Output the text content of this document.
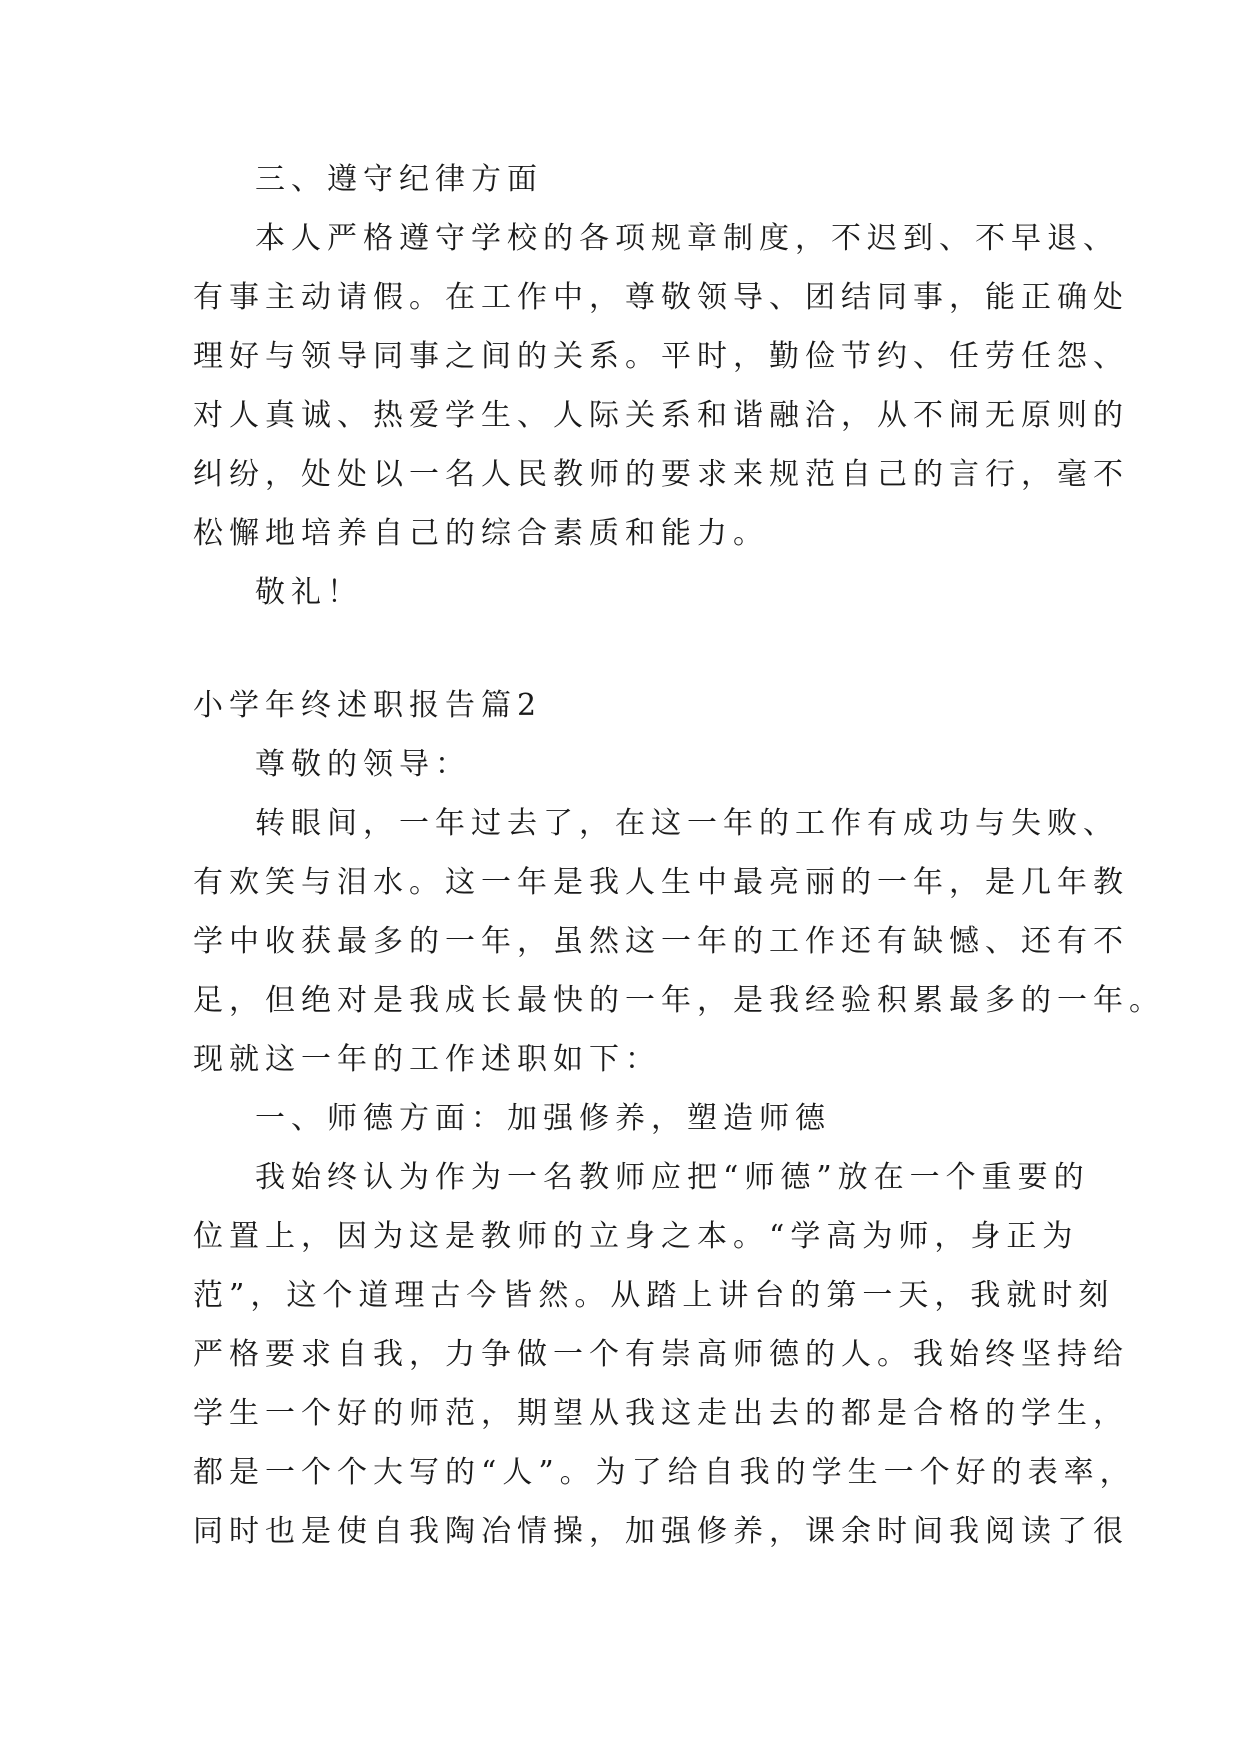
三、遵守纪律方面
本人严格遵守学校的各项规章制度，不迟到、不早退、
有事主动请假。在工作中，尊敬领导、团结同事，能正确处
理好与领导同事之间的关系。平时，勤俭节约、任劳任怨、
对人真诚、热爱学生、人际关系和谐融洽，从不闹无原则的
纠纷，处处以一名人民教师的要求来规范自己的言行，毫不
松懈地培养自己的综合素质和能力。
敬礼！
小学年终述职报告篇2
尊敬的领导：
转眼间，一年过去了，在这一年的工作有成功与失败、
有欢笑与泪水。这一年是我人生中最亮丽的一年，是几年教
学中收获最多的一年，虽然这一年的工作还有缺憾、还有不
足，但绝对是我成长最快的一年，是我经验积累最多的一年。
现就这一年的工作述职如下：
一、师德方面：加强修养，塑造师德
我始终认为作为一名教师应把“师德”放在一个重要的
位置上，因为这是教师的立身之本。“学高为师，身正为
范”，这个道理古今皆然。从踏上讲台的第一天，我就时刻
严格要求自我，力争做一个有崇高师德的人。我始终坚持给
学生一个好的师范，期望从我这走出去的都是合格的学生，
都是一个个大写的“人”。为了给自我的学生一个好的表率，
同时也是使自我陶冶情操，加强修养，课余时间我阅读了很
